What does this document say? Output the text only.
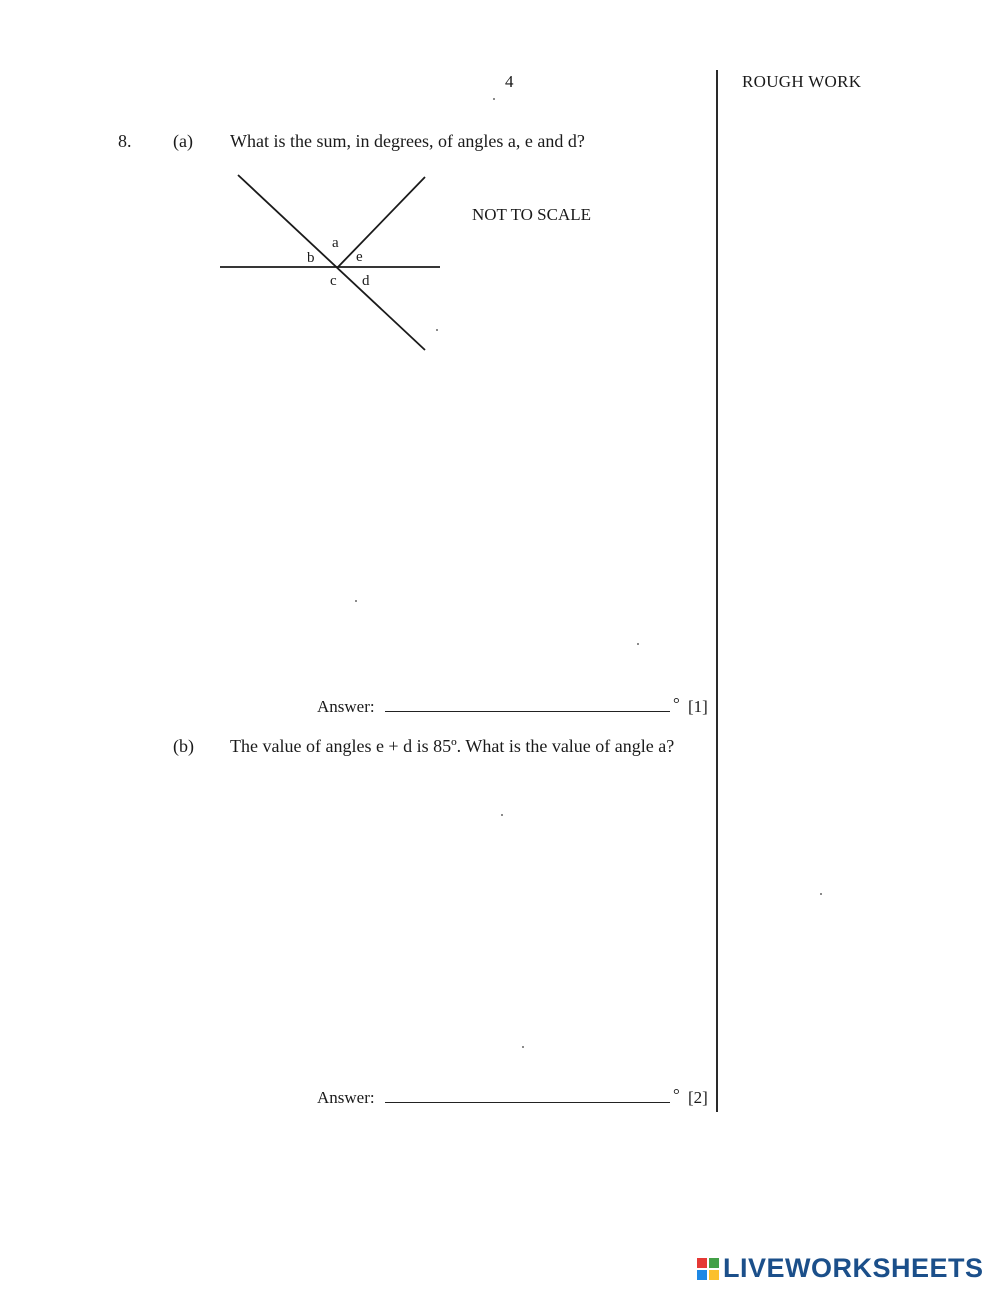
4	ROUGH WORK
8. (a) What is the sum, in degrees, of angles a, e and d?
a
b	e
c d
NOT TO SCALE
Answer:	° [1]
(b) The value of angles e + d is 85º. What is the value of angle a?
Answer:	° [2]
LIVEWORKSHEETS
